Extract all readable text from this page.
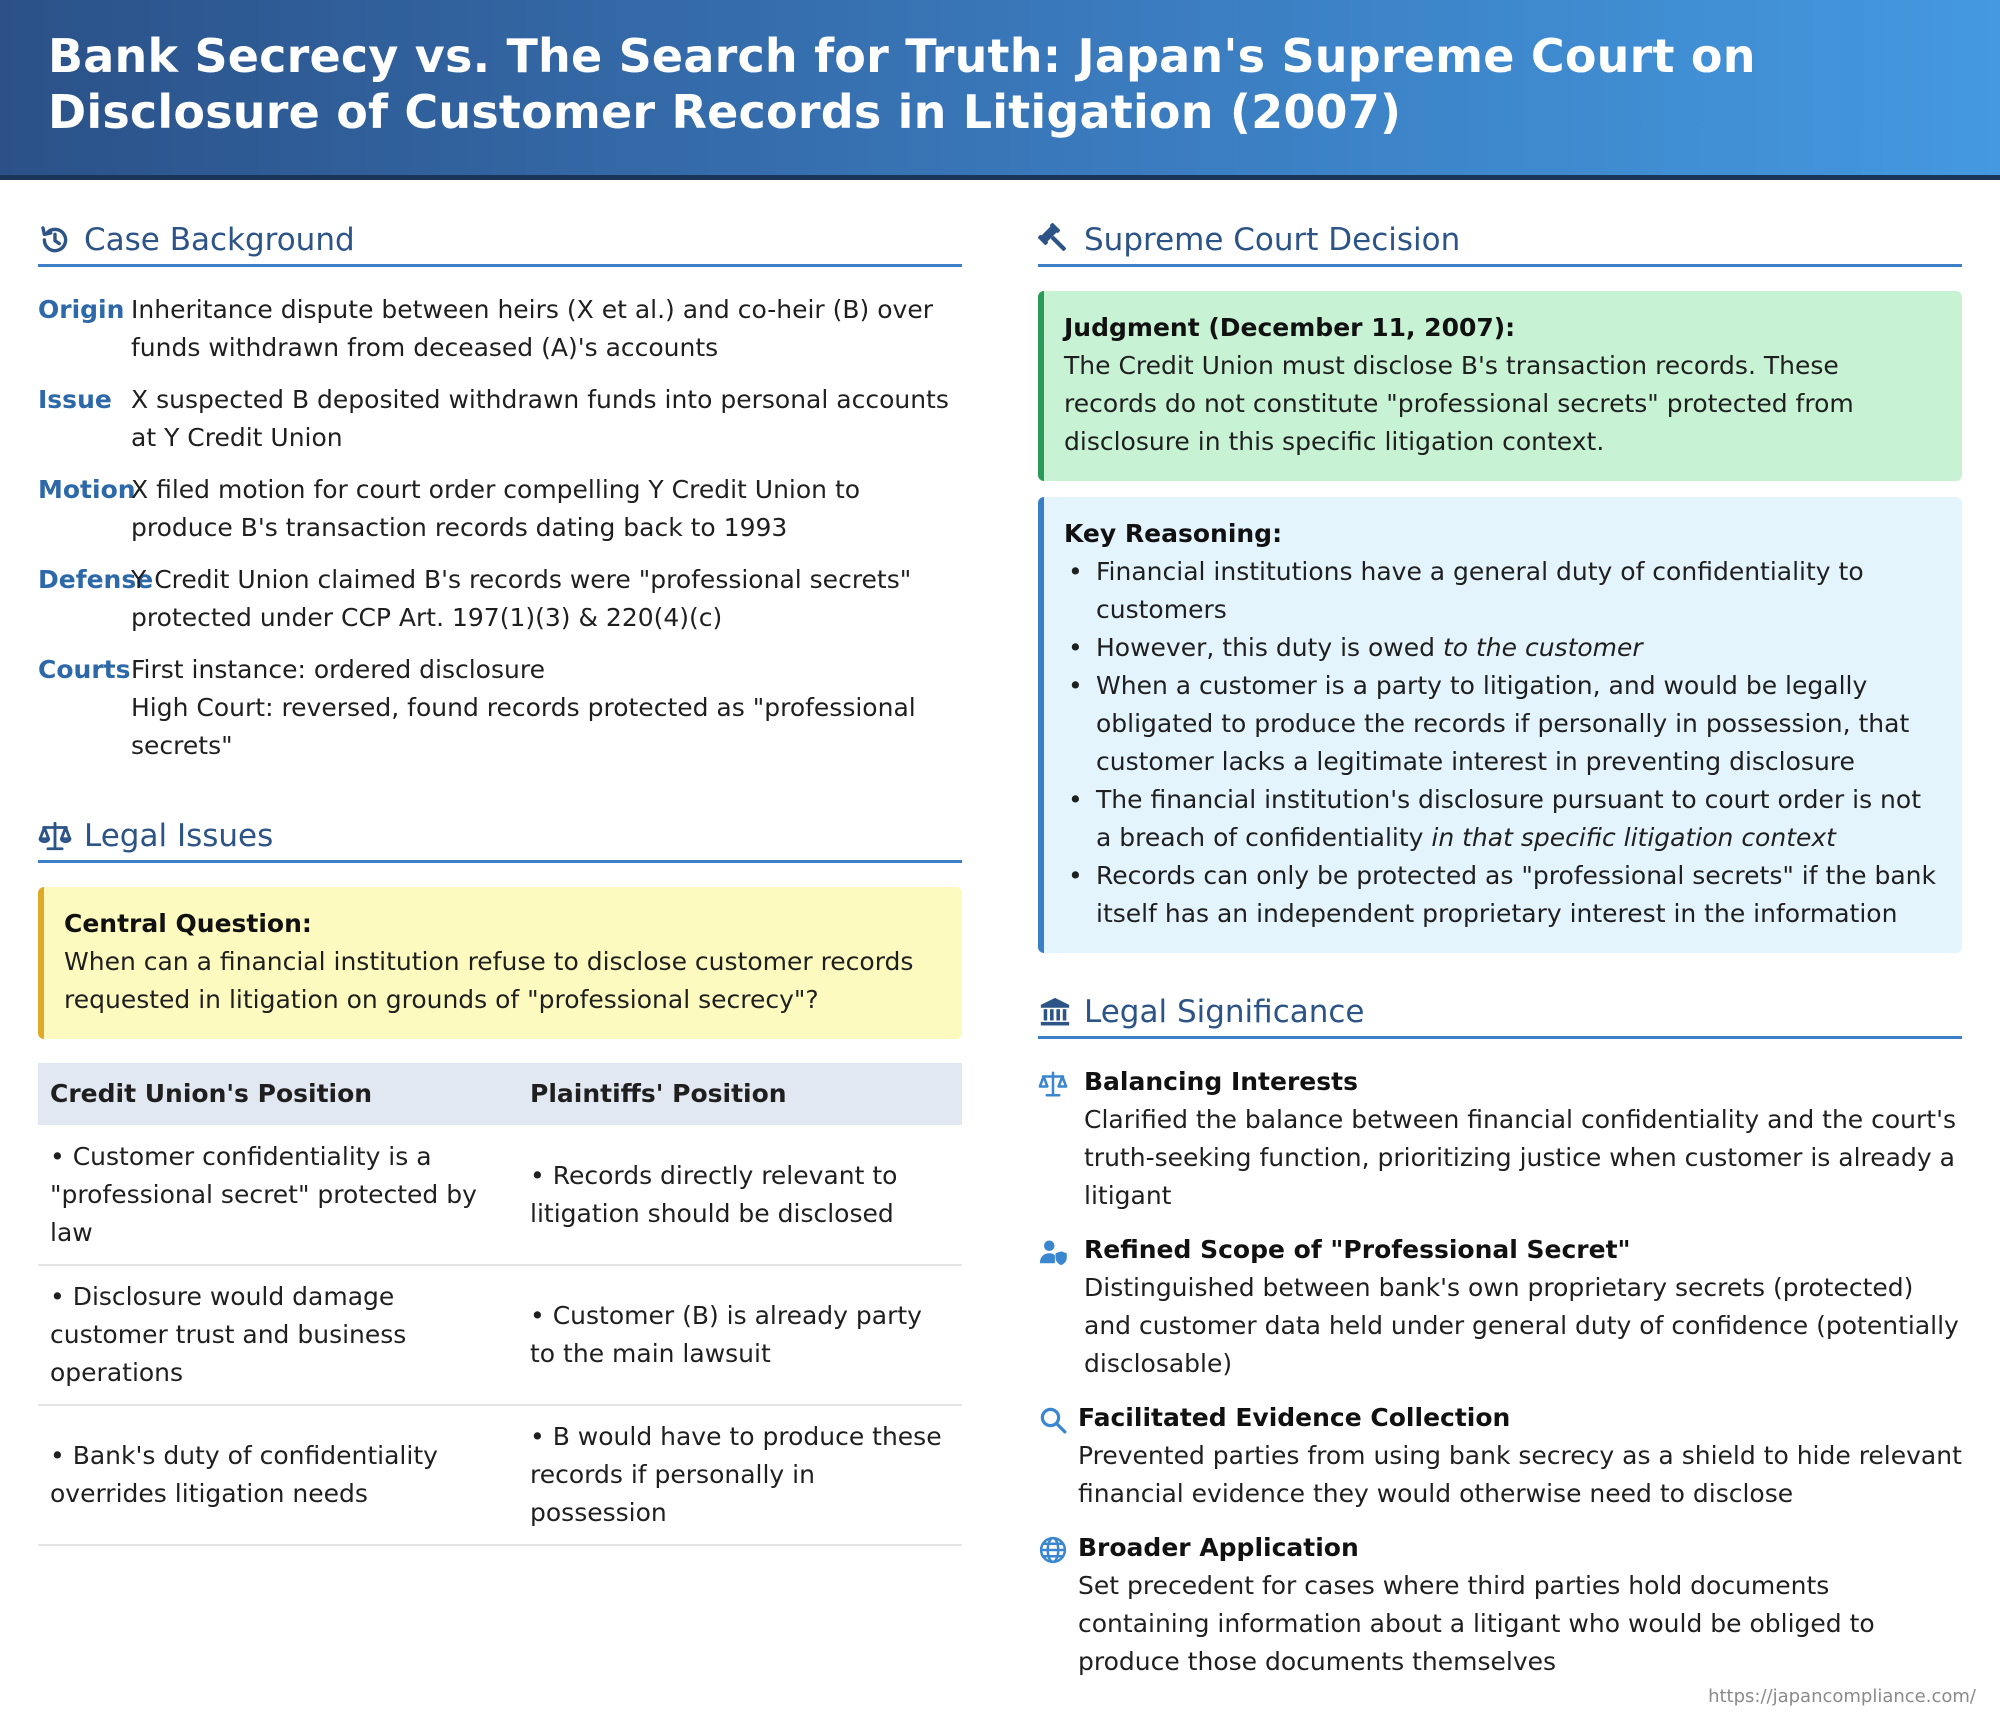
Bank Secrecy vs. The Search for Truth: Japan's Supreme Court on
Disclosure of Customer Records in Litigation (2007)
Case Background
Origin Inheritance dispute between heirs (X et al.) and co-heir (B) over funds withdrawn from deceased (A)'s accounts
Issue X suspected B deposited withdrawn funds into personal accounts at Y Credit Union
Motion
X filed motion for court order compelling Y Credit Union to produce B's transaction records dating back to 1993
Defense
Y Credit Union claimed B's records were "professional secrets" protected under CCP Art. 197(1)(3) & 220(4)(c)
Courts First instance: ordered disclosure
High Court: reversed, found records protected as "professional secrets"
Legal Issues
Central Question:
When can a financial institution refuse to disclose customer records requested in litigation on grounds of "professional secrecy"?
Credit Union's Position	Plaintiffs' Position
• Customer confidentiality is a "professional secret" protected by law	• Records directly relevant to litigation should be disclosed
• Disclosure would damage customer trust and business operations	• Customer (B) is already party to the main lawsuit
• Bank's duty of confidentiality overrides litigation needs	• B would have to produce these records if personally in possession
Supreme Court Decision
Judgment (December 11, 2007):
The Credit Union must disclose B's transaction records. These records do not constitute "professional secrets" protected from disclosure in this specific litigation context.
Key Reasoning:
• Financial institutions have a general duty of confidentiality to customers
• However, this duty is owed to the customer
• When a customer is a party to litigation, and would be legally obligated to produce the records if personally in possession, that customer lacks a legitimate interest in preventing disclosure
• The financial institution's disclosure pursuant to court order is not a breach of confidentiality in that specific litigation context
• Records can only be protected as "professional secrets" if the bank itself has an independent proprietary interest in the information
Legal Significance
Balancing Interests
Clarified the balance between financial confidentiality and the court's truth-seeking function, prioritizing justice when customer is already a litigant
Refined Scope of "Professional Secret"
Distinguished between bank's own proprietary secrets (protected) and customer data held under general duty of confidence (potentially disclosable)
Facilitated Evidence Collection
Prevented parties from using bank secrecy as a shield to hide relevant financial evidence they would otherwise need to disclose
Broader Application
Set precedent for cases where third parties hold documents containing information about a litigant who would be obliged to produce those documents themselves
https://japancompliance.com/
